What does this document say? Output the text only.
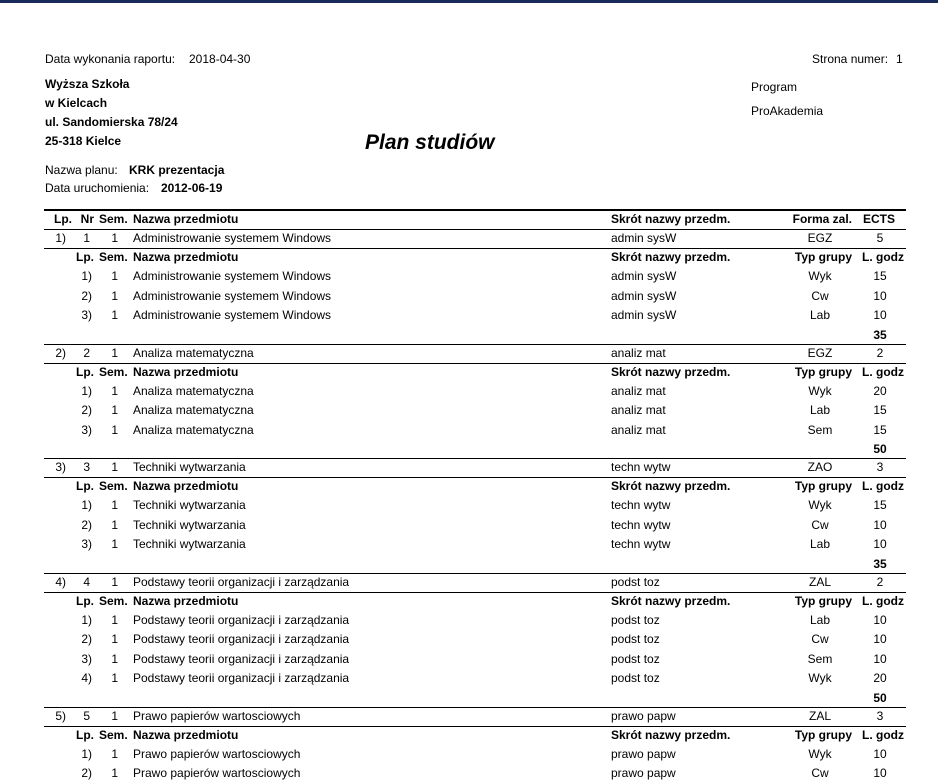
Data wykonania raportu: 2018-04-30	Strona numer: 1
Wyższa Szkoła
w Kielcach
ul. Sandomierska 78/24
25-318 Kielce
Program
ProAkademia
Plan studiów
Nazwa planu: KRK prezentacja
Data uruchomienia: 2012-06-19
Lp. Nr Sem. Nazwa przedmiotu	Skrót nazwy przedm.	Forma zal. ECTS
1)	1	1 Administrowanie systemem Windows	admin sysW	EGZ	5
Lp. Sem. Nazwa przedmiotu	Skrót nazwy przedm.	Typ grupy L. godz
1)	1 Administrowanie systemem Windows	admin sysW	Wyk	15
2)	1 Administrowanie systemem Windows	admin sysW	Cw	10
3)	1 Administrowanie systemem Windows	admin sysW	Lab	10
35
2)	2	1 Analiza matematyczna	analiz mat	EGZ	2
Lp. Sem. Nazwa przedmiotu	Skrót nazwy przedm.	Typ grupy L. godz
1)	1 Analiza matematyczna	analiz mat	Wyk	20
2)	1 Analiza matematyczna	analiz mat	Lab	15
3)	1 Analiza matematyczna	analiz mat	Sem	15
50
3)	3	1 Techniki wytwarzania	techn wytw	ZAO	3
Lp. Sem. Nazwa przedmiotu	Skrót nazwy przedm.	Typ grupy L. godz
1)	1 Techniki wytwarzania	techn wytw	Wyk	15
2)	1 Techniki wytwarzania	techn wytw	Cw	10
3)	1 Techniki wytwarzania	techn wytw	Lab	10
35
4)	4	1 Podstawy teorii organizacji i zarządzania	podst toz	ZAL	2
Lp. Sem. Nazwa przedmiotu	Skrót nazwy przedm.	Typ grupy L. godz
1)	1 Podstawy teorii organizacji i zarządzania	podst toz	Lab	10
2)	1 Podstawy teorii organizacji i zarządzania	podst toz	Cw	10
3)	1 Podstawy teorii organizacji i zarządzania	podst toz	Sem	10
4)	1 Podstawy teorii organizacji i zarządzania	podst toz	Wyk	20
50
5)	5	1 Prawo papierów wartosciowych	prawo papw	ZAL	3
Lp. Sem. Nazwa przedmiotu	Skrót nazwy przedm.	Typ grupy L. godz
1)	1 Prawo papierów wartosciowych	prawo papw	Wyk	10
2)	1 Prawo papierów wartosciowych	prawo papw	Cw	10
